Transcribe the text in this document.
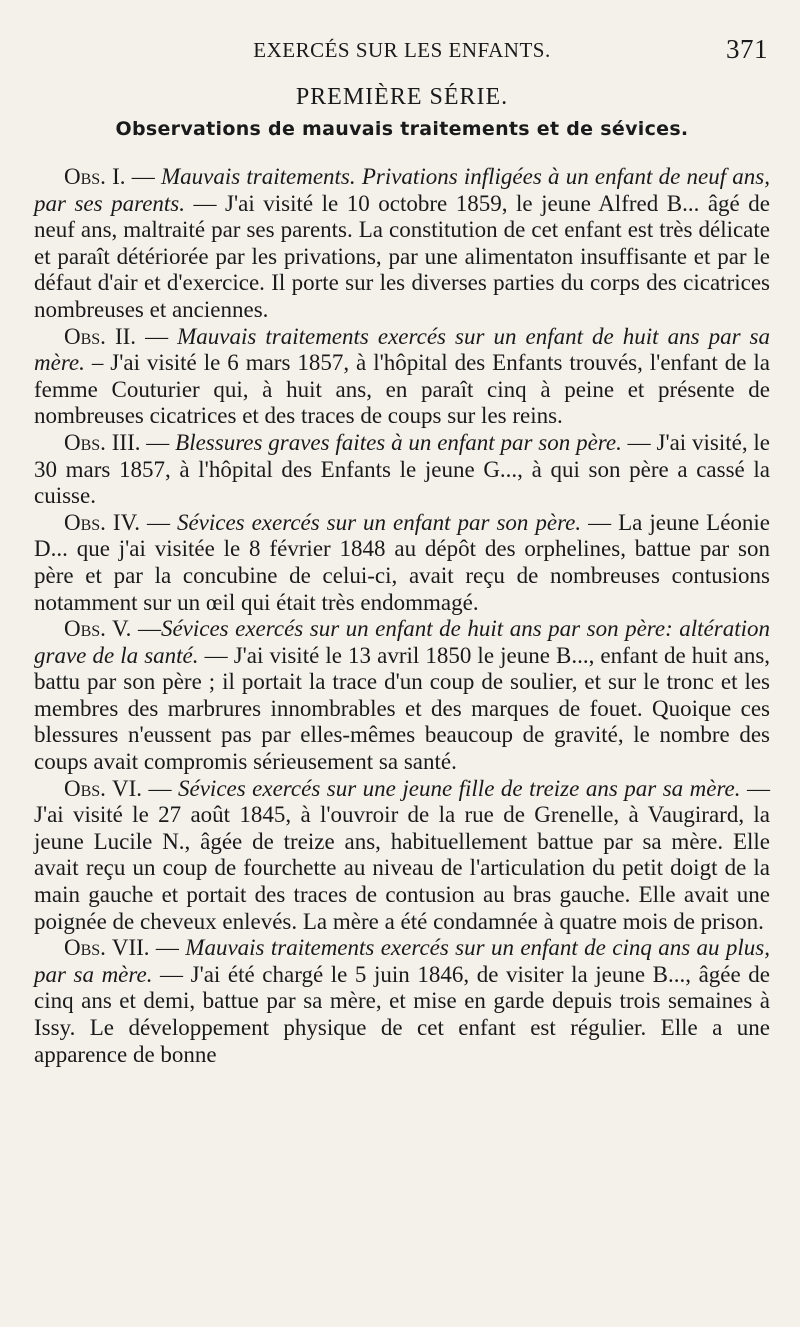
EXERCÉS SUR LES ENFANTS.	371
PREMIÈRE SÉRIE.
Observations de mauvais traitements et de sévices.

Obs. I. — Mauvais traitements. Privations infligées à un enfant de neuf ans, par ses parents. — J'ai visité le 10 octobre 1859, le jeune Alfred B... âgé de neuf ans, maltraité par ses parents. La constitution de cet enfant est très délicate et paraît détériorée par les privations, par une alimentaton insuffisante et par le défaut d'air et d'exercice. Il porte sur les diverses parties du corps des cicatrices nombreuses et anciennes.

Obs. II. — Mauvais traitements exercés sur un enfant de huit ans par sa mère. – J'ai visité le 6 mars 1857, à l'hôpital des Enfants trouvés, l'enfant de la femme Couturier qui, à huit ans, en paraît cinq à peine et présente de nombreuses cicatrices et des traces de coups sur les reins.

Obs. III. — Blessures graves faites à un enfant par son père. — J'ai visité, le 30 mars 1857, à l'hôpital des Enfants le jeune G..., à qui son père a cassé la cuisse.

Obs. IV. — Sévices exercés sur un enfant par son père. — La jeune Léonie D... que j'ai visitée le 8 février 1848 au dépôt des orphelines, battue par son père et par la concubine de celui-ci, avait reçu de nombreuses contusions notamment sur un œil qui était très endommagé.

Obs. V. —Sévices exercés sur un enfant de huit ans par son père: altération grave de la santé. — J'ai visité le 13 avril 1850 le jeune B..., enfant de huit ans, battu par son père ; il portait la trace d'un coup de soulier, et sur le tronc et les membres des marbrures innombrables et des marques de fouet. Quoique ces blessures n'eussent pas par elles-mêmes beaucoup de gravité, le nombre des coups avait compromis sérieusement sa santé.

Obs. VI. — Sévices exercés sur une jeune fille de treize ans par sa mère. — J'ai visité le 27 août 1845, à l'ouvroir de la rue de Grenelle, à Vaugirard, la jeune Lucile N., âgée de treize ans, habituellement battue par sa mère. Elle avait reçu un coup de fourchette au niveau de l'articulation du petit doigt de la main gauche et portait des traces de contusion au bras gauche. Elle avait une poignée de cheveux enlevés. La mère a été condamnée à quatre mois de prison.

Obs. VII. — Mauvais traitements exercés sur un enfant de cinq ans au plus, par sa mère. — J'ai été chargé le 5 juin 1846, de visiter la jeune B..., âgée de cinq ans et demi, battue par sa mère, et mise en garde depuis trois semaines à Issy. Le développement physique de cet enfant est régulier. Elle a une apparence de bonne
